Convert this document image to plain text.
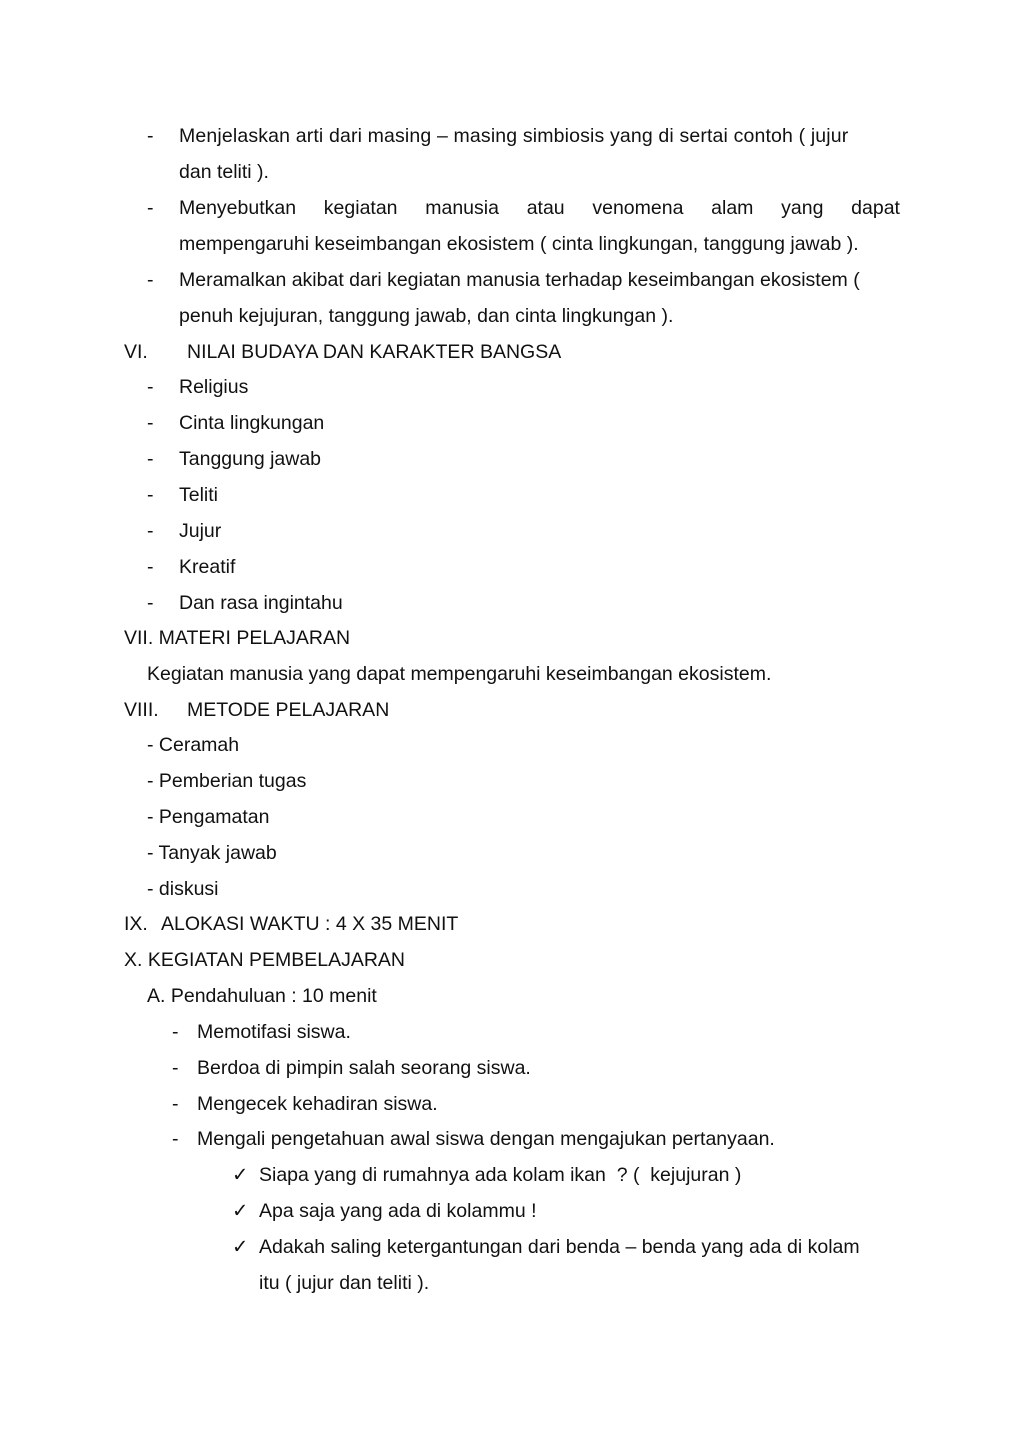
-	Menjelaskan arti dari masing – masing simbiosis yang di sertai contoh ( jujur
dan teliti ).
-	Menyebutkan kegiatan manusia atau venomena alam yang dapat
mempengaruhi keseimbangan ekosistem ( cinta lingkungan, tanggung jawab ).
-	Meramalkan akibat dari kegiatan manusia terhadap keseimbangan ekosistem (
penuh kejujuran, tanggung jawab, dan cinta lingkungan ).
VI. NILAI BUDAYA DAN KARAKTER BANGSA
-	Religius
-	Cinta lingkungan
-	Tanggung jawab
-	Teliti
-	Jujur
-	Kreatif
-	Dan rasa ingintahu
VII. MATERI PELAJARAN
Kegiatan manusia yang dapat mempengaruhi keseimbangan ekosistem.
VIII. METODE PELAJARAN
- Ceramah
- Pemberian tugas
- Pengamatan
- Tanyak jawab
- diskusi
IX. ALOKASI WAKTU : 4 X 35 MENIT
X. KEGIATAN PEMBELAJARAN
A. Pendahuluan : 10 menit
- Memotifasi siswa.
- Berdoa di pimpin salah seorang siswa.
- Mengecek kehadiran siswa.
- Mengali pengetahuan awal siswa dengan mengajukan pertanyaan.
✓ Siapa yang di rumahnya ada kolam ikan  ? (  kejujuran )
✓ Apa saja yang ada di kolammu !
✓ Adakah saling ketergantungan dari benda – benda yang ada di kolam
itu ( jujur dan teliti ).
